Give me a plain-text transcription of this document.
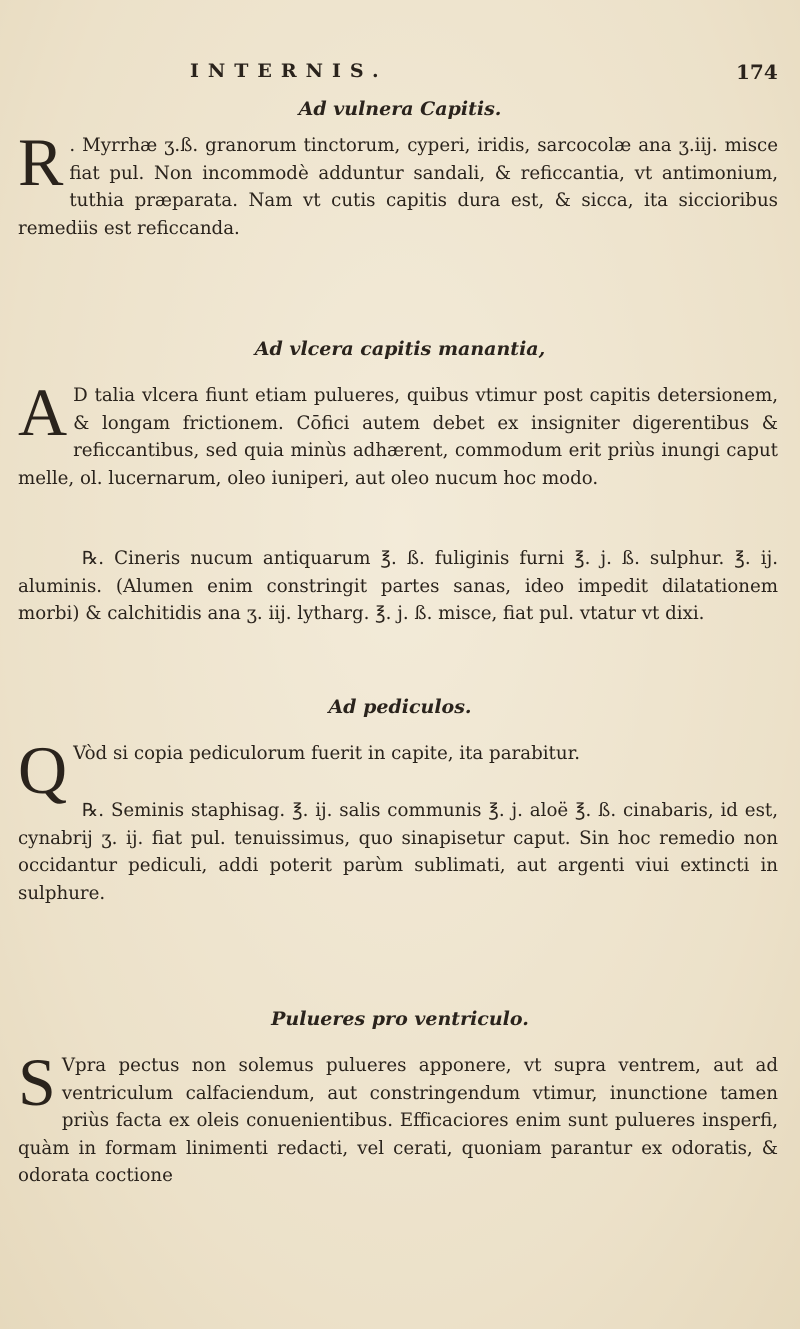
INTERNIS.	174
Ad vulnera Capitis.

R . Myrrhæ ʒ.ß. granorum tinctorum, cyperi, iridis, sarcocolæ ana ʒ.iij. misce fiat pul. Non incommodè adduntur sandali, & reficcantia, vt antimonium, tuthia præparata. Nam vt cutis capitis dura est, & sicca, ita siccioribus remediis est reficcanda.

Ad vlcera capitis manantia,

A D talia vlcera fiunt etiam pulueres, quibus vtimur post capitis detersionem, & longam frictionem. Cōfici autem debet ex insigniter digerentibus & reficcantibus, sed quia minùs adhærent, commodum erit priùs inungi caput melle, ol. lucernarum, oleo iuniperi, aut oleo nucum hoc modo.

℞. Cineris nucum antiquarum ℥. ß. fuliginis furni ℥. j. ß. sulphur. ℥. ij. aluminis. (Alumen enim constringit partes sanas, ideo impedit dilatationem morbi) & calchitidis ana ʒ. iij. lytharg. ℥. j. ß. misce, fiat pul. vtatur vt dixi.

Ad pediculos.

Q Vòd si copia pediculorum fuerit in capite, ita parabitur.

℞. Seminis staphisag. ℥. ij. salis communis ℥. j. aloë ℥. ß. cinabaris, id est, cynabrij ʒ. ij. fiat pul. tenuissimus, quo sinapisetur caput. Sin hoc remedio non occidantur pediculi, addi poterit parùm sublimati, aut argenti viui extincti in sulphure.

Pulueres pro ventriculo.

S Vpra pectus non solemus pulueres apponere, vt supra ventrem, aut ad ventriculum calfaciendum, aut constringendum vtimur, inunctione tamen priùs facta ex oleis conuenientibus. Efficaciores enim sunt pulueres insperfi, quàm in formam linimenti redacti, vel cerati, quoniam parantur ex odoratis, & odorata coctione
